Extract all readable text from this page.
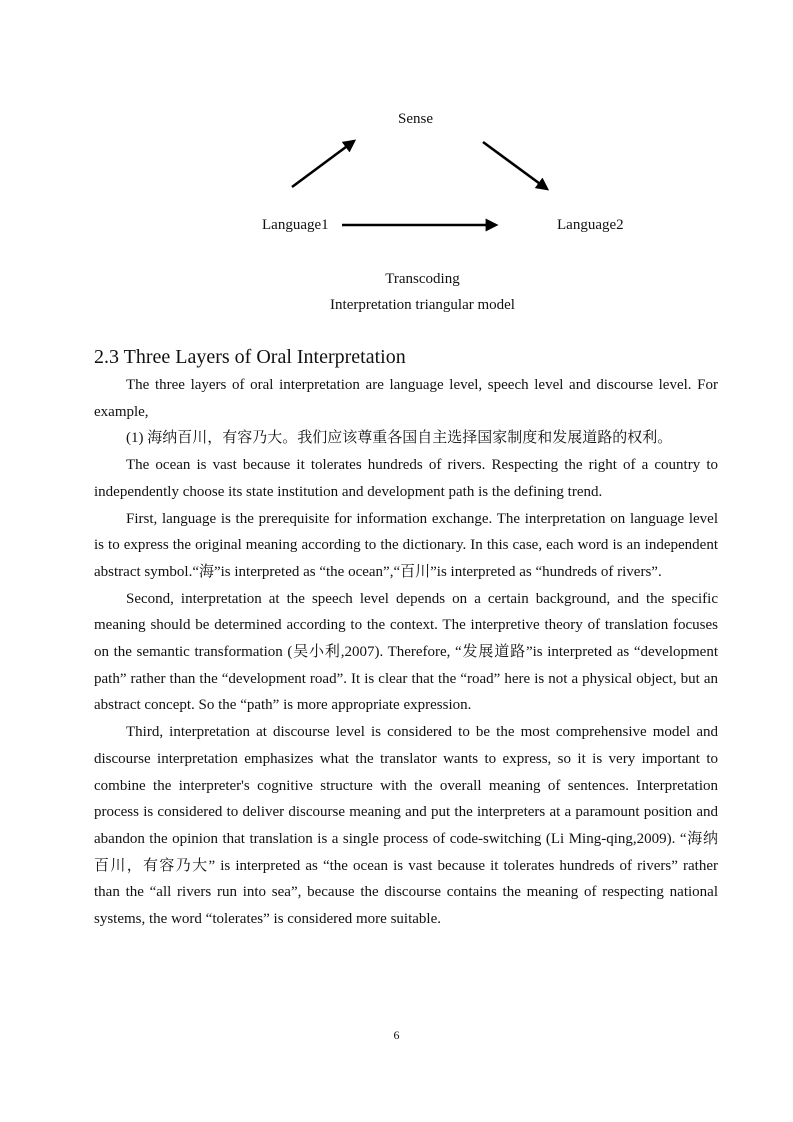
Sense
Language1	Language2
Transcoding
Interpretation triangular model
2.3 Three Layers of Oral Interpretation

The three layers of oral interpretation are language level, speech level and discourse level. For example,

(1) 海纳百川，有容乃大。我们应该尊重各国自主选择国家制度和发展道路的权利。

The ocean is vast because it tolerates hundreds of rivers. Respecting the right of a country to independently choose its state institution and development path is the defining trend.

First, language is the prerequisite for information exchange. The interpretation on language level is to express the original meaning according to the dictionary. In this case, each word is an independent abstract symbol.“海”is interpreted as “the ocean”,“百川”is interpreted as “hundreds of rivers”.

Second, interpretation at the speech level depends on a certain background, and the specific meaning should be determined according to the context. The interpretive theory of translation focuses on the semantic transformation (吴小利,2007). Therefore, “发展道路”is interpreted as “development path” rather than the “development road”. It is clear that the “road” here is not a physical object, but an abstract concept. So the “path” is more appropriate expression.

Third, interpretation at discourse level is considered to be the most comprehensive model and discourse interpretation emphasizes what the translator wants to express, so it is very important to combine the interpreter's cognitive structure with the overall meaning of sentences. Interpretation process is considered to deliver discourse meaning and put the interpreters at a paramount position and abandon the opinion that translation is a single process of code-switching (Li Ming-qing,2009). “海纳百川，有容乃大” is interpreted as “the ocean is vast because it tolerates hundreds of rivers” rather than the “all rivers run into sea”, because the discourse contains the meaning of respecting national systems, the word “tolerates” is considered more suitable.

6
